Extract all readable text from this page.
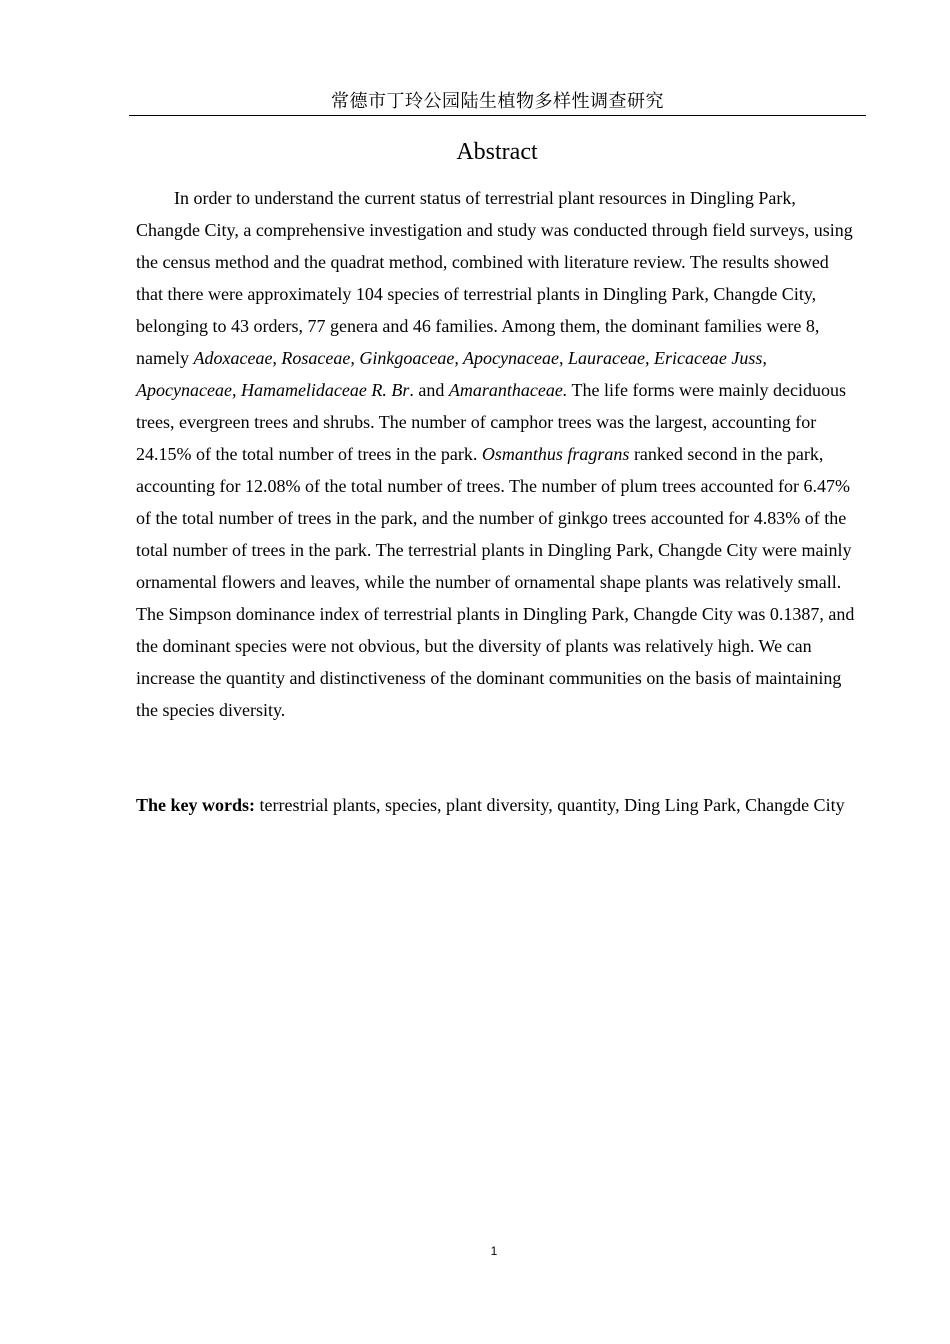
常德市丁玲公园陆生植物多样性调查研究
Abstract

In order to understand the current status of terrestrial plant resources in Dingling Park, Changde City, a comprehensive investigation and study was conducted through field surveys, using the census method and the quadrat method, combined with literature review. The results showed that there were approximately 104 species of terrestrial plants in Dingling Park, Changde City, belonging to 43 orders, 77 genera and 46 families. Among them, the dominant families were 8, namely Adoxaceae, Rosaceae, Ginkgoaceae, Apocynaceae, Lauraceae, Ericaceae Juss, Apocynaceae, Hamamelidaceae R. Br. and Amaranthaceae. The life forms were mainly deciduous trees, evergreen trees and shrubs. The number of camphor trees was the largest, accounting for 24.15% of the total number of trees in the park. Osmanthus fragrans ranked second in the park, accounting for 12.08% of the total number of trees. The number of plum trees accounted for 6.47% of the total number of trees in the park, and the number of ginkgo trees accounted for 4.83% of the total number of trees in the park. The terrestrial plants in Dingling Park, Changde City were mainly ornamental flowers and leaves, while the number of ornamental shape plants was relatively small. The Simpson dominance index of terrestrial plants in Dingling Park, Changde City was 0.1387, and the dominant species were not obvious, but the diversity of plants was relatively high. We can increase the quantity and distinctiveness of the dominant communities on the basis of maintaining the species diversity.

The key words: terrestrial plants, species, plant diversity, quantity, Ding Ling Park, Changde City

1
